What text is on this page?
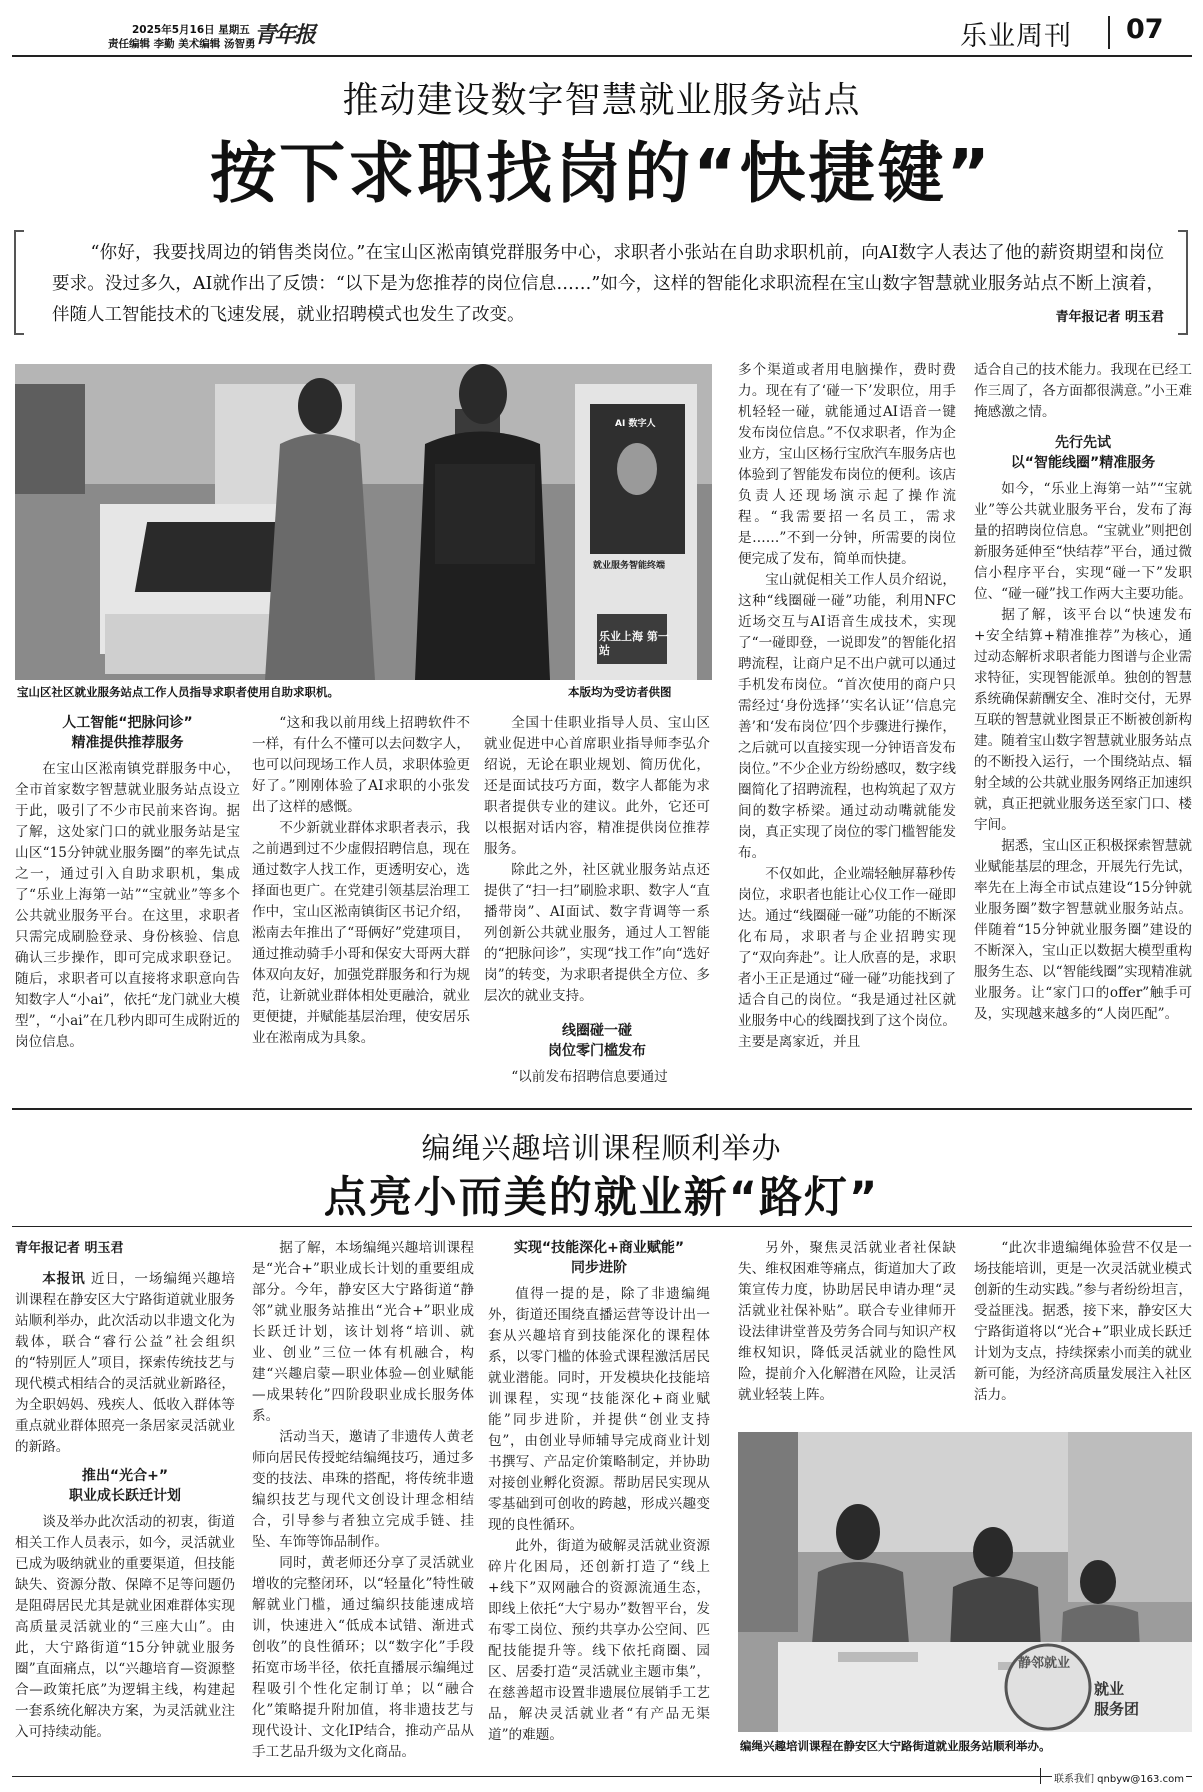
2025年5月16日 星期五
责任编辑 李勤 美术编辑 汤智勇
青年报	乐业周刊 07
推动建设数字智慧就业服务站点
按下求职找岗的“快捷键”
“你好，我要找周边的销售类岗位。”在宝山区淞南镇党群服务中心，求职者小张站在自助求职机前，向AI数字人表达了他的薪资期望和岗位要求。没过多久，AI就作出了反馈：“以下是为您推荐的岗位信息……”如今，这样的智能化求职流程在宝山数字智慧就业服务站点不断上演着，伴随人工智能技术的飞速发展，就业招聘模式也发生了改变。	青年报记者 明玉君
AI 数字人
就业服务智能终端
乐业上海 第一站
宝山区社区就业服务站点工作人员指导求职者使用自助求职机。	本版均为受访者供图
人工智能“把脉问诊”
精准提供推荐服务

在宝山区淞南镇党群服务中心，全市首家数字智慧就业服务站点设立于此，吸引了不少市民前来咨询。据了解，这处家门口的就业服务站是宝山区“15分钟就业服务圈”的率先试点之一，通过引入自助求职机，集成了“乐业上海第一站”“宝就业”等多个公共就业服务平台。在这里，求职者只需完成刷脸登录、身份核验、信息确认三步操作，即可完成求职登记。随后，求职者可以直接将求职意向告知数字人“小ai”，依托“龙门就业大模型”，“小ai”在几秒内即可生成附近的岗位信息。

“这和我以前用线上招聘软件不一样，有什么不懂可以去问数字人，也可以问现场工作人员，求职体验更好了。”刚刚体验了AI求职的小张发出了这样的感慨。

不少新就业群体求职者表示，我之前遇到过不少虚假招聘信息，现在通过数字人找工作，更透明安心，选择面也更广。在党建引领基层治理工作中，宝山区淞南镇街区书记介绍，淞南去年推出了“哥俩好”党建项目，通过推动骑手小哥和保安大哥两大群体双向友好，加强党群服务和行为规范，让新就业群体相处更融洽，就业更便捷，并赋能基层治理，使安居乐业在淞南成为具象。

全国十佳职业指导人员、宝山区就业促进中心首席职业指导师李弘介绍说，无论在职业规划、简历优化，还是面试技巧方面，数字人都能为求职者提供专业的建议。此外，它还可以根据对话内容，精准提供岗位推荐服务。

除此之外，社区就业服务站点还提供了“扫一扫”刷脸求职、数字人“直播带岗”、AI面试、数字背调等一系列创新公共就业服务，通过人工智能的“把脉问诊”，实现“找工作”向“选好岗”的转变，为求职者提供全方位、多层次的就业支持。

线圈碰一碰
岗位零门槛发布

“以前发布招聘信息要通过

多个渠道或者用电脑操作，费时费力。现在有了‘碰一下’发职位，用手机轻轻一碰，就能通过AI语音一键发布岗位信息。”不仅求职者，作为企业方，宝山区杨行宝欣汽车服务店也体验到了智能发布岗位的便利。该店负责人还现场演示起了操作流程。“我需要招一名员工，需求是……”不到一分钟，所需要的岗位便完成了发布，简单而快捷。

宝山就促相关工作人员介绍说，这种“线圈碰一碰”功能，利用NFC近场交互与AI语音生成技术，实现了“一碰即登，一说即发”的智能化招聘流程，让商户足不出户就可以通过手机发布岗位。“首次使用的商户只需经过‘身份选择’‘实名认证’‘信息完善’和‘发布岗位’四个步骤进行操作，之后就可以直接实现一分钟语音发布岗位。”不少企业方纷纷感叹，数字线圈简化了招聘流程，也构筑起了双方间的数字桥梁。通过动动嘴就能发岗，真正实现了岗位的零门槛智能发布。

不仅如此，企业端轻触屏幕秒传岗位，求职者也能让心仪工作一碰即达。通过“线圈碰一碰”功能的不断深化布局，求职者与企业招聘实现了“双向奔赴”。让人欣喜的是，求职者小王正是通过“碰一碰”功能找到了适合自己的岗位。“我是通过社区就业服务中心的线圈找到了这个岗位。主要是离家近，并且

适合自己的技术能力。我现在已经工作三周了，各方面都很满意。”小王难掩感激之情。

先行先试
以“智能线圈”精准服务

如今，“乐业上海第一站”“宝就业”等公共就业服务平台，发布了海量的招聘岗位信息。“宝就业”则把创新服务延伸至“快结荐”平台，通过微信小程序平台，实现“碰一下”发职位、“碰一碰”找工作两大主要功能。

据了解，该平台以“快速发布+安全结算+精准推荐”为核心，通过动态解析求职者能力图谱与企业需求特征，实现智能派单。独创的智慧系统确保薪酬安全、准时交付，无界互联的智慧就业图景正不断被创新构建。随着宝山数字智慧就业服务站点的不断投入运行，一个围绕站点、辐射全域的公共就业服务网络正加速织就，真正把就业服务送至家门口、楼宇间。

据悉，宝山区正积极探索智慧就业赋能基层的理念，开展先行先试，率先在上海全市试点建设“15分钟就业服务圈”数字智慧就业服务站点。伴随着“15分钟就业服务圈”建设的不断深入，宝山正以数据大模型重构服务生态、以“智能线圈”实现精准就业服务。让“家门口的offer”触手可及，实现越来越多的“人岗匹配”。

编绳兴趣培训课程顺利举办
点亮小而美的就业新“路灯”
青年报记者 明玉君

本报讯 近日，一场编绳兴趣培训课程在静安区大宁路街道就业服务站顺利举办，此次活动以非遗文化为载体，联合“睿行公益”社会组织的“特别匠人”项目，探索传统技艺与现代模式相结合的灵活就业新路径，为全职妈妈、残疾人、低收入群体等重点就业群体照亮一条居家灵活就业的新路。

推出“光合+”
职业成长跃迁计划

谈及举办此次活动的初衷，街道相关工作人员表示，如今，灵活就业已成为吸纳就业的重要渠道，但技能缺失、资源分散、保障不足等问题仍是阻碍居民尤其是就业困难群体实现高质量灵活就业的“三座大山”。由此，大宁路街道“15分钟就业服务圈”直面痛点，以“兴趣培育—资源整合—政策托底”为逻辑主线，构建起一套系统化解决方案，为灵活就业注入可持续动能。

据了解，本场编绳兴趣培训课程是“光合+”职业成长计划的重要组成部分。今年，静安区大宁路街道“静邻”就业服务站推出“光合+”职业成长跃迁计划，该计划将“培训、就业、创业”三位一体有机融合，构建“兴趣启蒙—职业体验—创业赋能—成果转化”四阶段职业成长服务体系。

活动当天，邀请了非遗传人黄老师向居民传授蛇结编绳技巧，通过多变的技法、串珠的搭配，将传统非遗编织技艺与现代文创设计理念相结合，引导参与者独立完成手链、挂坠、车饰等饰品制作。

同时，黄老师还分享了灵活就业增收的完整闭环，以“轻量化”特性破解就业门槛，通过编织技能速成培训，快速进入“低成本试错、渐进式创收”的良性循环；以“数字化”手段拓宽市场半径，依托直播展示编绳过程吸引个性化定制订单；以“融合化”策略提升附加值，将非遗技艺与现代设计、文化IP结合，推动产品从手工艺品升级为文化商品。

实现“技能深化+商业赋能”
同步进阶

值得一提的是，除了非遗编绳外，街道还围绕直播运营等设计出一套从兴趣培育到技能深化的课程体系，以零门槛的体验式课程激活居民就业潜能。同时，开发模块化技能培训课程，实现“技能深化+商业赋能”同步进阶，并提供“创业支持包”，由创业导师辅导完成商业计划书撰写、产品定价策略制定，并协助对接创业孵化资源。帮助居民实现从零基础到可创收的跨越，形成兴趣变现的良性循环。

此外，街道为破解灵活就业资源碎片化困局，还创新打造了“线上+线下”双网融合的资源流通生态，即线上依托“大宁易办”数智平台，发布零工岗位、预约共享办公空间、匹配技能提升等。线下依托商圈、园区、居委打造“灵活就业主题市集”，在慈善超市设置非遗展位展销手工艺品，解决灵活就业者“有产品无渠道”的难题。

另外，聚焦灵活就业者社保缺失、维权困难等痛点，街道加大了政策宣传力度，协助居民申请办理“灵活就业社保补贴”。联合专业律师开设法律讲堂普及劳务合同与知识产权维权知识，降低灵活就业的隐性风险，提前介入化解潜在风险，让灵活就业轻装上阵。

“此次非遗编绳体验营不仅是一场技能培训，更是一次灵活就业模式创新的生动实践。”参与者纷纷坦言，受益匪浅。据悉，接下来，静安区大宁路街道将以“光合+”职业成长跃迁计划为支点，持续探索小而美的就业新可能，为经济高质量发展注入社区活力。

静邻就业
就业
服务团
编绳兴趣培训课程在静安区大宁路街道就业服务站顺利举办。
联系我们 qnbyw@163.com
